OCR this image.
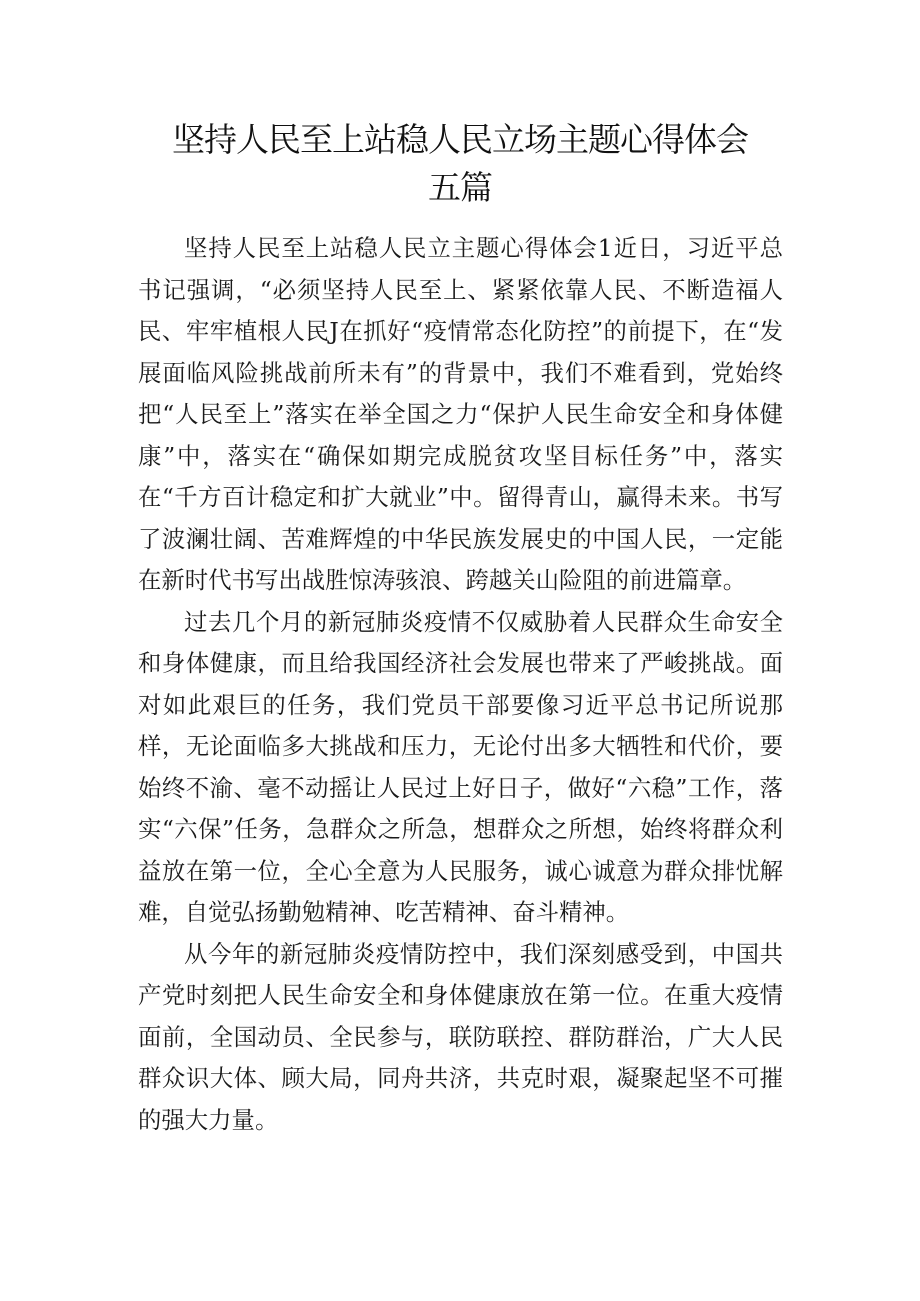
坚持人民至上站稳人民立场主题心得体会
五篇

坚持人民至上站稳人民立主题心得体会1近日，习近平总书记强调，“必须坚持人民至上、紧紧依靠人民、不断造福人民、牢牢植根人民J在抓好“疫情常态化防控”的前提下，在“发展面临风险挑战前所未有”的背景中，我们不难看到，党始终把“人民至上”落实在举全国之力“保护人民生命安全和身体健康”中，落实在“确保如期完成脱贫攻坚目标任务”中，落实在“千方百计稳定和扩大就业”中。留得青山，赢得未来。书写了波澜壮阔、苦难辉煌的中华民族发展史的中国人民，一定能在新时代书写出战胜惊涛骇浪、跨越关山险阻的前进篇章。

过去几个月的新冠肺炎疫情不仅威胁着人民群众生命安全和身体健康，而且给我国经济社会发展也带来了严峻挑战。面对如此艰巨的任务，我们党员干部要像习近平总书记所说那样，无论面临多大挑战和压力，无论付出多大牺牲和代价，要始终不渝、毫不动摇让人民过上好日子，做好“六稳”工作，落实“六保”任务，急群众之所急，想群众之所想，始终将群众利益放在第一位，全心全意为人民服务，诚心诚意为群众排忧解难，自觉弘扬勤勉精神、吃苦精神、奋斗精神。

从今年的新冠肺炎疫情防控中，我们深刻感受到，中国共产党时刻把人民生命安全和身体健康放在第一位。在重大疫情面前，全国动员、全民参与，联防联控、群防群治，广大人民群众识大体、顾大局，同舟共济，共克时艰，凝聚起坚不可摧的强大力量。
